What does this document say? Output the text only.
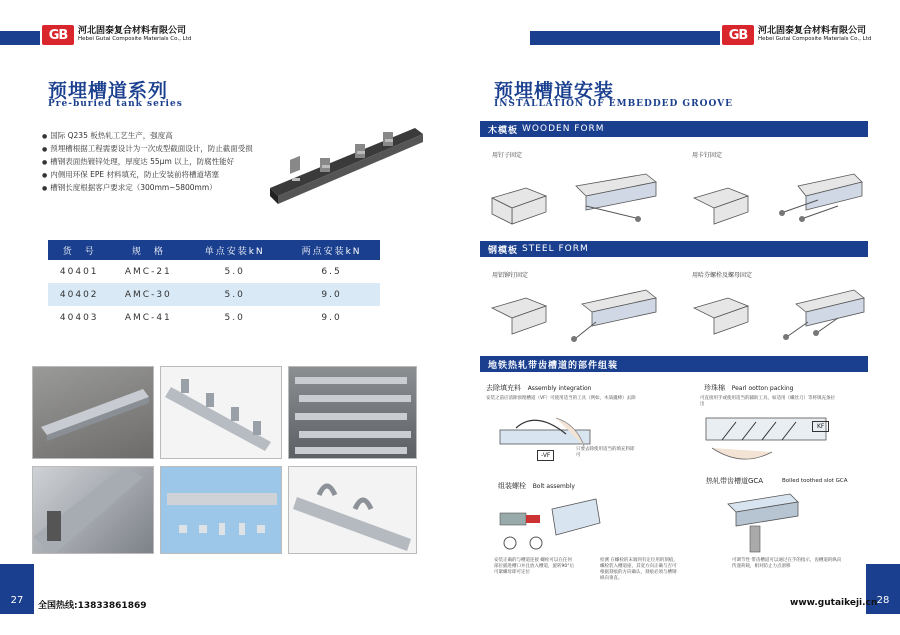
GB	河北固泰复合材料有限公司
Hebei Gutai Composite Materials Co., Ltd	GB	河北固泰复合材料有限公司
Hebei Gutai Composite Materials Co., Ltd
预埋槽道系列
Pre-buried tank series
● 国际 Q235 板热轧工艺生产，强度高
● 预埋槽根据工程需要设计为一次成型截面设计，防止截面受损
● 槽钢表面热镀锌处理，厚度达 55μm 以上，防腐性能好
● 内侧用环保 EPE 材料填充，防止安装前将槽道堵塞
● 槽钢长度根据客户要求定（300mm~5800mm）
货　号	规　格	单点安装kN	两点安装kN
40401	AMC-21	5.0	6.5
40402	AMC-30	5.0	9.0
40403	AMC-41	5.0	9.0
27	全国热线:13833861869
预埋槽道安装
INSTALLATION OF EMBEDDED GROOVE
木模板 WOODEN FORM
用钉子固定	用卡钉固定
钢模板 STEEL FORM
用铝铆钉固定	用哈芬螺栓及螺母固定
地铁热轧带齿槽道的部件组装
去除填充料 Assembly integration
安装之前应清除预埋槽道（VF）可使用适当的工具（例如，木质撬棒）去除
-VF
只要去除使用适当的填充料即可
珍珠棉 Pearl ootton packing
可直接用手或使用适当的辅助工具，如适用（螺丝刀）等将填充条拉出
KF
组装螺栓 Bolt assembly
安装正确的与槽道连接 螺栓可以在任何部位插进槽口并且放入槽道，旋转90°后可紧螺母即可定位
检测 在螺栓的末端到有定位用的刻痕，螺栓装入槽道座，其宽方向正确与否可根据刻痕的方向确认，刻痕必须与槽钢纵向垂直。
热轧带齿槽道GCA	Bolled toothed slot GCA
可调节性 带齿槽道可以通过在手的指示，齿槽道的纵向传递荷载，相对防止力点滑移
28
www.gutaikeji.cn
